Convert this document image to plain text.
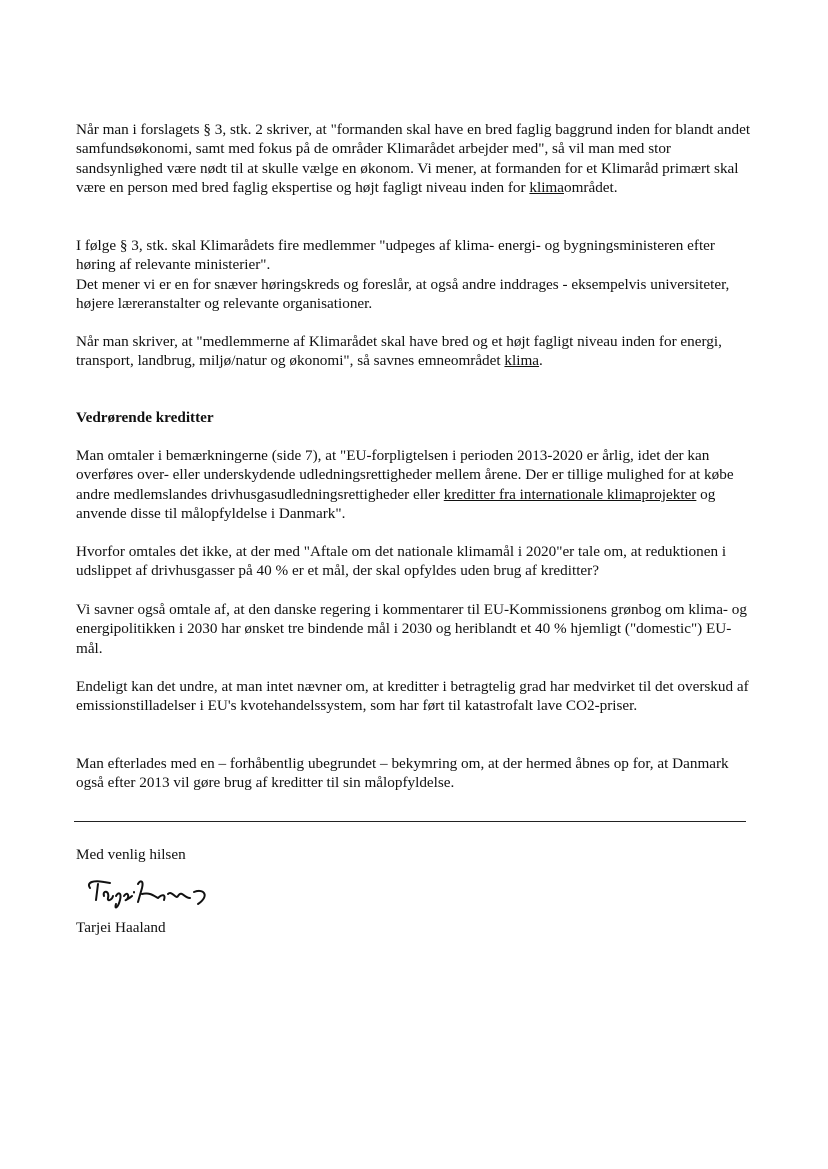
Når man i forslagets § 3, stk. 2 skriver, at "formanden skal have en bred faglig baggrund inden for blandt andet samfundsøkonomi, samt med fokus på de områder Klimarådet arbejder med", så vil man med stor sandsynlighed være nødt til at skulle vælge en økonom. Vi mener, at formanden for et Klimaråd primært skal være en person med bred faglig ekspertise og højt fagligt niveau inden for klimaområdet.

I følge § 3, stk. skal Klimarådets fire medlemmer "udpeges af klima- energi- og bygningsministeren efter høring af relevante ministerier".

Det mener vi er en for snæver høringskreds og foreslår, at også andre inddrages - eksempelvis universiteter, højere læreranstalter og relevante organisationer.

Når man skriver, at "medlemmerne af Klimarådet skal have bred og et højt fagligt niveau inden for energi, transport, landbrug, miljø/natur og økonomi", så savnes emneområdet klima.

Vedrørende kreditter

Man omtaler i bemærkningerne (side 7), at "EU-forpligtelsen i perioden 2013-2020 er årlig, idet der kan overføres over- eller underskydende udledningsrettigheder mellem årene. Der er tillige mulighed for at købe andre medlemslandes drivhusgasudledningsrettigheder eller kreditter fra internationale klimaprojekter og anvende disse til målopfyldelse i Danmark".

Hvorfor omtales det ikke, at der med "Aftale om det nationale klimamål i 2020"er tale om, at reduktionen i udslippet af drivhusgasser på 40 % er et mål, der skal opfyldes uden brug af kreditter?
Vi savner også omtale af, at den danske regering i kommentarer til EU-Kommissionens grønbog om klima- og energipolitikken i 2030 har ønsket tre bindende mål i 2030 og heriblandt et 40 % hjemligt ("domestic") EU-mål.
Endeligt kan det undre, at man intet nævner om, at kreditter i betragtelig grad har medvirket til det overskud af emissionstilladelser i EU's kvotehandelssystem, som har ført til katastrofalt lave CO2-priser.
Man efterlades med en – forhåbentlig ubegrundet – bekymring om, at der hermed åbnes op for, at Danmark også efter 2013 vil gøre brug af kreditter til sin målopfyldelse.
Med venlig hilsen
Tarjei Haaland
